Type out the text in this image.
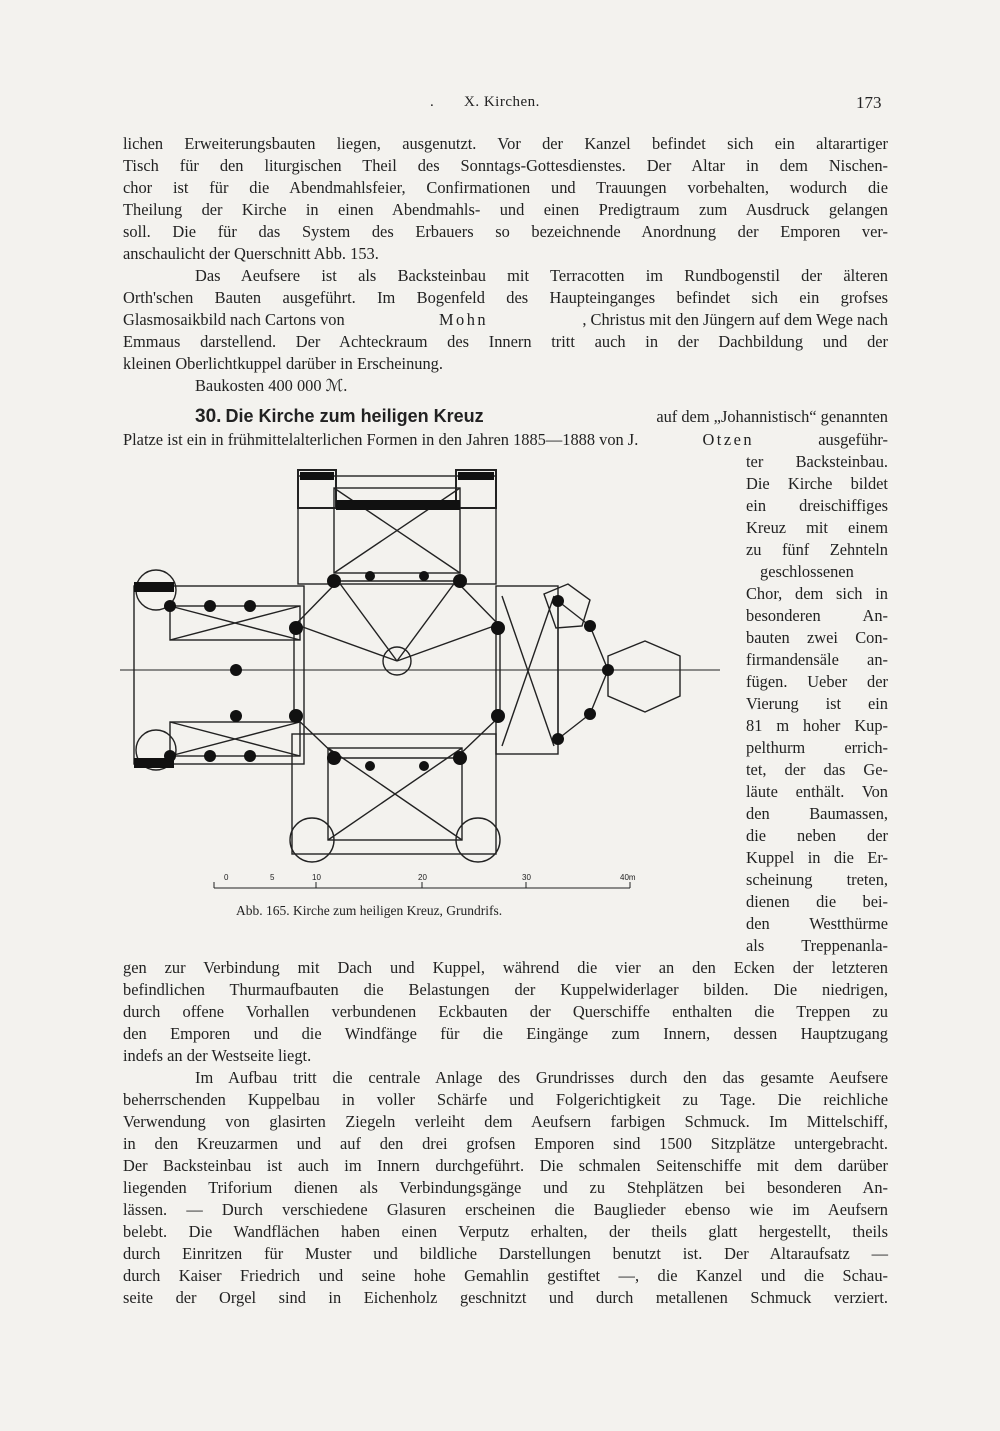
. X. Kirchen.	173
lichen Erweiterungsbauten liegen, ausgenutzt. Vor der Kanzel befindet sich ein altarartiger
Tisch für den liturgischen Theil des Sonntags-Gottesdienstes. Der Altar in dem Nischen-
chor ist für die Abendmahlsfeier, Confirmationen und Trauungen vorbehalten, wodurch die
Theilung der Kirche in einen Abendmahls- und einen Predigtraum zum Ausdruck gelangen
soll. Die für das System des Erbauers so bezeichnende Anordnung der Emporen ver-
anschaulicht der Querschnitt Abb. 153.
Das Aeufsere ist als Backsteinbau mit Terracotten im Rundbogenstil der älteren
Orth'schen Bauten ausgeführt. Im Bogenfeld des Haupteinganges befindet sich ein grofses
Glasmosaikbild nach Cartons von	Mohn	, Christus mit den Jüngern auf dem Wege nach
Emmaus darstellend. Der Achteckraum des Innern tritt auch in der Dachbildung und der
kleinen Oberlichtkuppel darüber in Erscheinung.
Baukosten 400 000 ℳ.
30. Die Kirche zum heiligen Kreuz	auf dem „Johannistisch“ genannten
Platze ist ein in frühmittelalterlichen Formen in den Jahren 1885—1888 von J.	Otzen	ausgeführ-
ter Backsteinbau.
Die Kirche bildet
ein dreischiffiges
Kreuz mit einem
zu fünf Zehnteln
geschlossenen
Chor, dem sich in
besonderen An-
bauten zwei Con-
firmandensäle an-
fügen. Ueber der
Vierung ist ein
81 m hoher Kup-
pelthurm errich-
tet, der das Ge-
läute enthält. Von
den Baumassen,
die neben der
Kuppel in die Er-
scheinung treten,
dienen die bei-
den Westthürme
als Treppenanla-
0	5	10	20	30	40m
Abb. 165. Kirche zum heiligen Kreuz, Grundrifs.
gen zur Verbindung mit Dach und Kuppel, während die vier an den Ecken der letzteren
befindlichen Thurmaufbauten die Belastungen der Kuppelwiderlager bilden. Die niedrigen,
durch offene Vorhallen verbundenen Eckbauten der Querschiffe enthalten die Treppen zu
den Emporen und die Windfänge für die Eingänge zum Innern, dessen Hauptzugang
indefs an der Westseite liegt.
Im Aufbau tritt die centrale Anlage des Grundrisses durch den das gesamte Aeufsere
beherrschenden Kuppelbau in voller Schärfe und Folgerichtigkeit zu Tage. Die reichliche
Verwendung von glasirten Ziegeln verleiht dem Aeufsern farbigen Schmuck. Im Mittelschiff,
in den Kreuzarmen und auf den drei grofsen Emporen sind 1500 Sitzplätze untergebracht.
Der Backsteinbau ist auch im Innern durchgeführt. Die schmalen Seitenschiffe mit dem darüber
liegenden Triforium dienen als Verbindungsgänge und zu Stehplätzen bei besonderen An-
lässen. — Durch verschiedene Glasuren erscheinen die Bauglieder ebenso wie im Aeufsern
belebt. Die Wandflächen haben einen Verputz erhalten, der theils glatt hergestellt, theils
durch Einritzen für Muster und bildliche Darstellungen benutzt ist. Der Altaraufsatz —
durch Kaiser Friedrich und seine hohe Gemahlin gestiftet —, die Kanzel und die Schau-
seite der Orgel sind in Eichenholz geschnitzt und durch metallenen Schmuck verziert.
